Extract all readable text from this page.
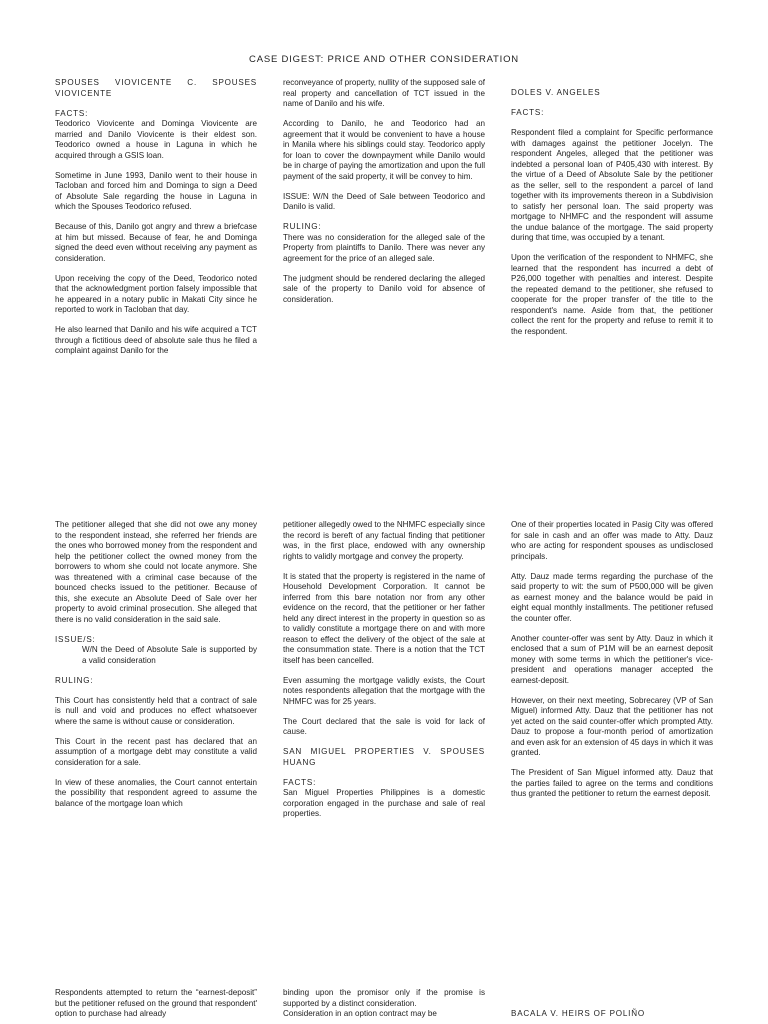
CASE DIGEST: PRICE AND OTHER CONSIDERATION
SPOUSES VIOVICENTE C. SPOUSES VIOVICENTE
FACTS:
Teodorico Viovicente and Dominga Viovicente are married and Danilo Viovicente is their eldest son. Teodorico owned a house in Laguna in which he acquired through a GSIS loan.
Sometime in June 1993, Danilo went to their house in Tacloban and forced him and Dominga to sign a Deed of Absolute Sale regarding the house in Laguna in which the Spouses Teodorico refused.
Because of this, Danilo got angry and threw a briefcase at him but missed. Because of fear, he and Dominga signed the deed even without receiving any payment as consideration.
Upon receiving the copy of the Deed, Teodorico noted that the acknowledgment portion falsely impossible that he appeared in a notary public in Makati City since he reported to work in Tacloban that day.
He also learned that Danilo and his wife acquired a TCT through a fictitious deed of absolute sale thus he filed a complaint against Danilo for the
reconveyance of property, nullity of the supposed sale of real property and cancellation of TCT issued in the name of Danilo and his wife.
According to Danilo, he and Teodorico had an agreement that it would be convenient to have a house in Manila where his siblings could stay. Teodorico apply for loan to cover the downpayment while Danilo would be in charge of paying the amortization and upon the full payment of the said property, it will be convey to him.
ISSUE: W/N the Deed of Sale between Teodorico and Danilo is valid.
RULING:
There was no consideration for the alleged sale of the Property from plaintiffs to Danilo. There was never any agreement for the price of an alleged sale.
The judgment should be rendered declaring the alleged sale of the property to Danilo void for absence of consideration.
DOLES V. ANGELES
FACTS:
Respondent filed a complaint for Specific performance with damages against the petitioner Jocelyn. The respondent Angeles, alleged that the petitioner was indebted a personal loan of P405,430 with interest. By the virtue of a Deed of Absolute Sale by the petitioner as the seller, sell to the respondent a parcel of land together with its improvements thereon in a Subdivision to satisfy her personal loan. The said property was mortgage to NHMFC and the respondent will assume the undue balance of the mortgage. The said property during that time, was occupied by a tenant.
Upon the verification of the respondent to NHMFC, she learned that the respondent has incurred a debt of P26,000 together with penalties and interest. Despite the repeated demand to the petitioner, she refused to cooperate for the proper transfer of the title to the respondent's name. Aside from that, the petitioner collect the rent for the property and refuse to remit it to the respondent.
The petitioner alleged that she did not owe any money to the respondent instead, she referred her friends are the ones who borrowed money from the respondent and help the petitioner collect the owned money from the borrowers to whom she could not locate anymore. She was threatened with a criminal case because of the bounced checks issued to the petitioner. Because of this, she execute an Absolute Deed of Sale over her property to avoid criminal prosecution. She alleged that there is no valid consideration in the said sale.
ISSUE/S:
W/N the Deed of Absolute Sale is supported by a valid consideration
RULING:
This Court has consistently held that a contract of sale is null and void and produces no effect whatsoever where the same is without cause or consideration.
This Court in the recent past has declared that an assumption of a mortgage debt may constitute a valid consideration for a sale.
In view of these anomalies, the Court cannot entertain the possibility that respondent agreed to assume the balance of the mortgage loan which
petitioner allegedly owed to the NHMFC especially since the record is bereft of any factual finding that petitioner was, in the first place, endowed with any ownership rights to validly mortgage and convey the property.
It is stated that the property is registered in the name of Household Development Corporation. It cannot be inferred from this bare notation nor from any other evidence on the record, that the petitioner or her father held any direct interest in the property in question so as to validly constitute a mortgage there on and with more reason to effect the delivery of the object of the sale at the consummation state. There is a notion that the TCT itself has been cancelled.
Even assuming the mortgage validly exists, the Court notes respondents allegation that the mortgage with the NHMFC was for 25 years.
The Court declared that the sale is void for lack of cause.
SAN MIGUEL PROPERTIES V. SPOUSES HUANG
FACTS:
San Miguel Properties Philippines is a domestic corporation engaged in the purchase and sale of real properties.
One of their properties located in Pasig City was offered for sale in cash and an offer was made to Atty. Dauz who are acting for respondent spouses as undisclosed principals.
Atty. Dauz made terms regarding the purchase of the said property to wit: the sum of P500,000 will be given as earnest money and the balance would be paid in eight equal monthly installments. The petitioner refused the counter offer.
Another counter-offer was sent by Atty. Dauz in which it enclosed that a sum of P1M will be an earnest deposit money with some terms in which the petitioner's vice-president and operations manager accepted the earnest-deposit.
However, on their next meeting, Sobrecarey (VP of San Miguel) informed Atty. Dauz that the petitioner has not yet acted on the said counter-offer which prompted Atty. Dauz to propose a four-month period of amortization and even ask for an extension of 45 days in which it was granted.
The President of San Miguel informed atty. Dauz that the parties failed to agree on the terms and conditions thus granted the petitioner to return the earnest deposit.
Respondents attempted to return the “earnest-deposit” but the petitioner refused on the ground that respondent' option to purchase had already
binding upon the promisor only if the promise is supported by a distinct consideration.
Consideration in an option contract may be	BACALA V. HEIRS OF POLIÑO
